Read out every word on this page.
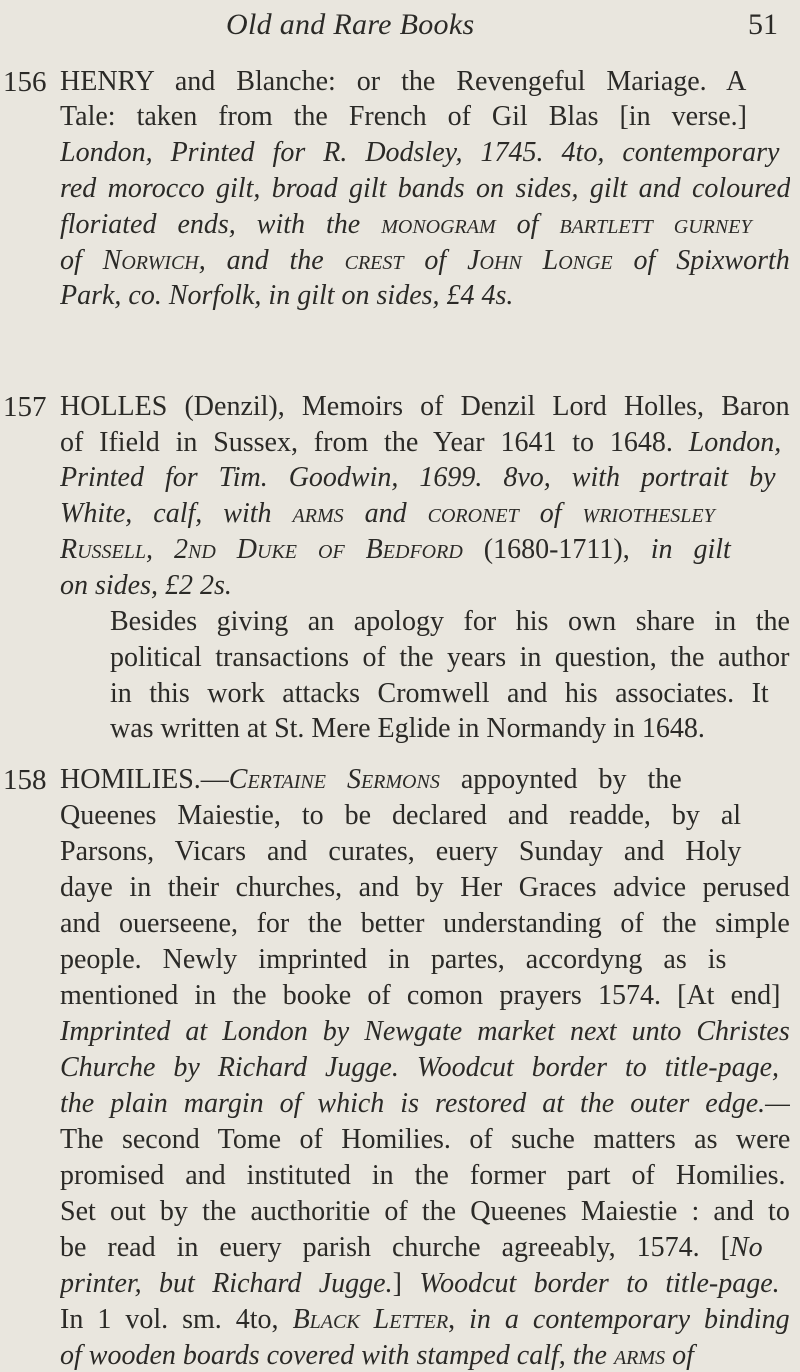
Old and Rare Books	51
156 HENRY and Blanche: or the Revengeful Mariage. A
Tale: taken from the French of Gil Blas [in verse.]
London, Printed for R. Dodsley, 1745. 4to, contemporary
red morocco gilt, broad gilt bands on sides, gilt and coloured
floriated ends, with the monogram of bartlett gurney
of Norwich, and the crest of John Longe of Spixworth
Park, co. Norfolk, in gilt on sides, £4 4s.
157 HOLLES (Denzil), Memoirs of Denzil Lord Holles, Baron
of Ifield in Sussex, from the Year 1641 to 1648. London,
Printed for Tim. Goodwin, 1699. 8vo, with portrait by
White, calf, with arms and coronet of wriothesley
Russell, 2nd Duke of Bedford (1680-1711), in gilt
on sides, £2 2s.
Besides giving an apology for his own share in the
political transactions of the years in question, the author
in this work attacks Cromwell and his associates. It
was written at St. Mere Eglide in Normandy in 1648.
158 HOMILIES.—Certaine Sermons appoynted by the
Queenes Maiestie, to be declared and readde, by al
Parsons, Vicars and curates, euery Sunday and Holy
daye in their churches, and by Her Graces advice perused
and ouerseene, for the better understanding of the simple
people. Newly imprinted in partes, accordyng as is
mentioned in the booke of comon prayers 1574. [At end]
Imprinted at London by Newgate market next unto Christes
Churche by Richard Jugge. Woodcut border to title-page,
the plain margin of which is restored at the outer edge.—
The second Tome of Homilies. of suche matters as were
promised and instituted in the former part of Homilies.
Set out by the aucthoritie of the Queenes Maiestie : and to
be read in euery parish churche agreeably, 1574. [No
printer, but Richard Jugge.] Woodcut border to title-page.
In 1 vol. sm. 4to, Black Letter, in a contemporary binding
of wooden boards covered with stamped calf, the arms of
